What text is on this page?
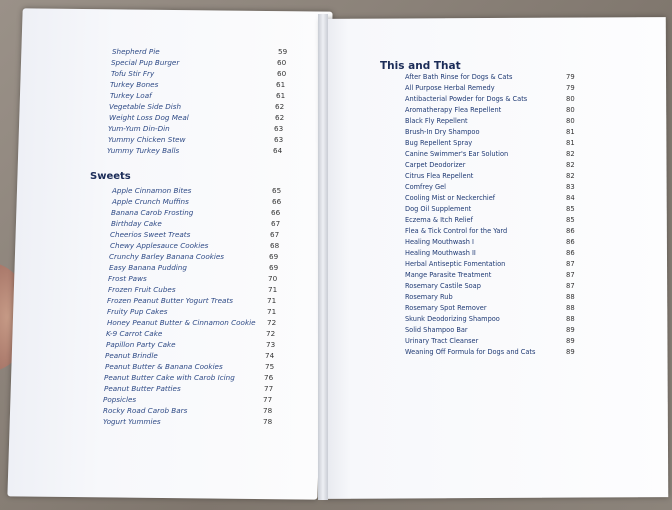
Shepherd Pie	59
Special Pup Burger	60
Tofu Stir Fry	60
Turkey Bones	61
Turkey Loaf	61
Vegetable Side Dish	62
Weight Loss Dog Meal	62
Yum-Yum Din-Din	63
Yummy Chicken Stew	63
Yummy Turkey Balls	64
Sweets
Apple Cinnamon Bites	65
Apple Crunch Muffins	66
Banana Carob Frosting	66
Birthday Cake	67
Cheerios Sweet Treats	67
Chewy Applesauce Cookies	68
Crunchy Barley Banana Cookies	69
Easy Banana Pudding	69
Frost Paws	70
Frozen Fruit Cubes	71
Frozen Peanut Butter Yogurt Treats	71
Fruity Pup Cakes	71
Honey Peanut Butter & Cinnamon Cookie 72
K-9 Carrot Cake	72
Papillon Party Cake	73
Peanut Brindle	74
Peanut Butter & Banana Cookies	75
Peanut Butter Cake with Carob Icing	76
Peanut Butter Patties	77
Popsicles	77
Rocky Road Carob Bars	78
Yogurt Yummies	78
This and That
After Bath Rinse for Dogs & Cats	79
All Purpose Herbal Remedy	79
Antibacterial Powder for Dogs & Cats	80
Aromatherapy Flea Repellent	80
Black Fly Repellent	80
Brush-In Dry Shampoo	81
Bug Repellent Spray	81
Canine Swimmer's Ear Solution	82
Carpet Deodorizer	82
Citrus Flea Repellent	82
Comfrey Gel	83
Cooling Mist or Neckerchief	84
Dog Oil Supplement	85
Eczema & Itch Relief	85
Flea & Tick Control for the Yard	86
Healing Mouthwash I	86
Healing Mouthwash II	86
Herbal Antiseptic Fomentation	87
Mange Parasite Treatment	87
Rosemary Castile Soap	87
Rosemary Rub	88
Rosemary Spot Remover	88
Skunk Deodorizing Shampoo	88
Solid Shampoo Bar	89
Urinary Tract Cleanser	89
Weaning Off Formula for Dogs and Cats	89
